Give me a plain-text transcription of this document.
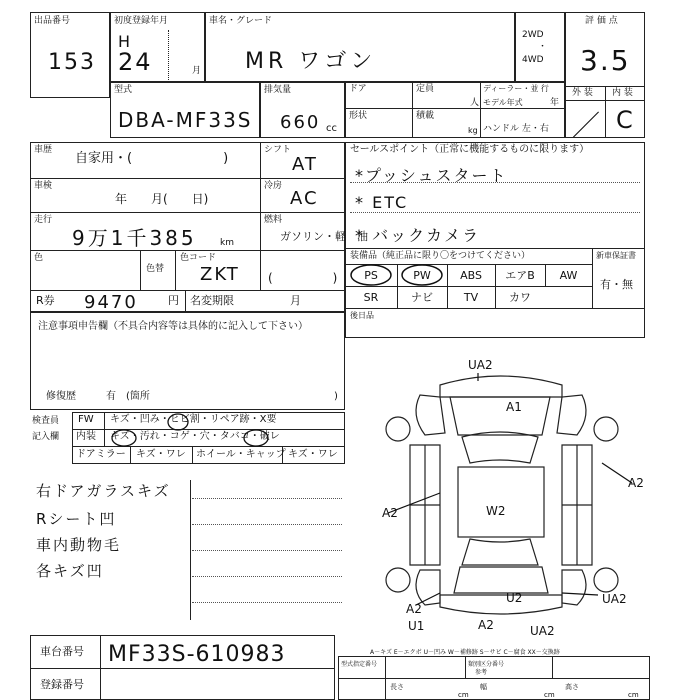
出品番号
153
初度登録年月
H
24	月
車名・グレード
MR ワゴン
2WD
・
4WD
評 価 点
3.5
外 装 内 装
／ C
型式
DBA-MF33S
排気量
660 cc
ドア	定員
人
ディーラー・並 行
モデル年式	年
形状	積載
kg ハンドル 左・右
車歴
自家用・(　　　　　　　)
シフト
AT
車検
年　　月(　　日)
冷房
AC
走行
9万1千385	km
燃料
ガソリン・軽　油
色
色替
色コード
ZKT (　　　　　)
R券 9470	円 名変期限	月
セールスポイント（正常に機能するものに限ります）
*プッシュスタート
* ETC
* バックカメラ
装備品（純正品に限り〇をつけてください）	新車保証書
有・無
PS	PW	ABS	エアB	AW
SR	ナビ	TV	カワ
後日品
注意事項申告欄（不具合内容等は具体的に記入して下さい）
修復歴	有　(箇所	)
検査員
記入欄
FW キズ・凹み・ヒビ割・リペア跡・X要
内装 キズ・汚れ・コゲ・穴・タバコ・破レ
ドアミラー キズ・ワレ ホイール・キャップ キズ・ワレ
右ドアガラスキズ
Rシート凹
車内動物毛
各キズ凹
UA2
A1
A2
A2
W2
A2
U2	UA2
U1	A2	UA2
車台番号 MF33S-610983
登録番号
A－キズ E－エクボ U－凹み W－補修跡 S－サビ C－腐食 XX－交換跡
型式指定番号	類別区分番号
参考
長さ	幅	高さ
cm	cm	cm
